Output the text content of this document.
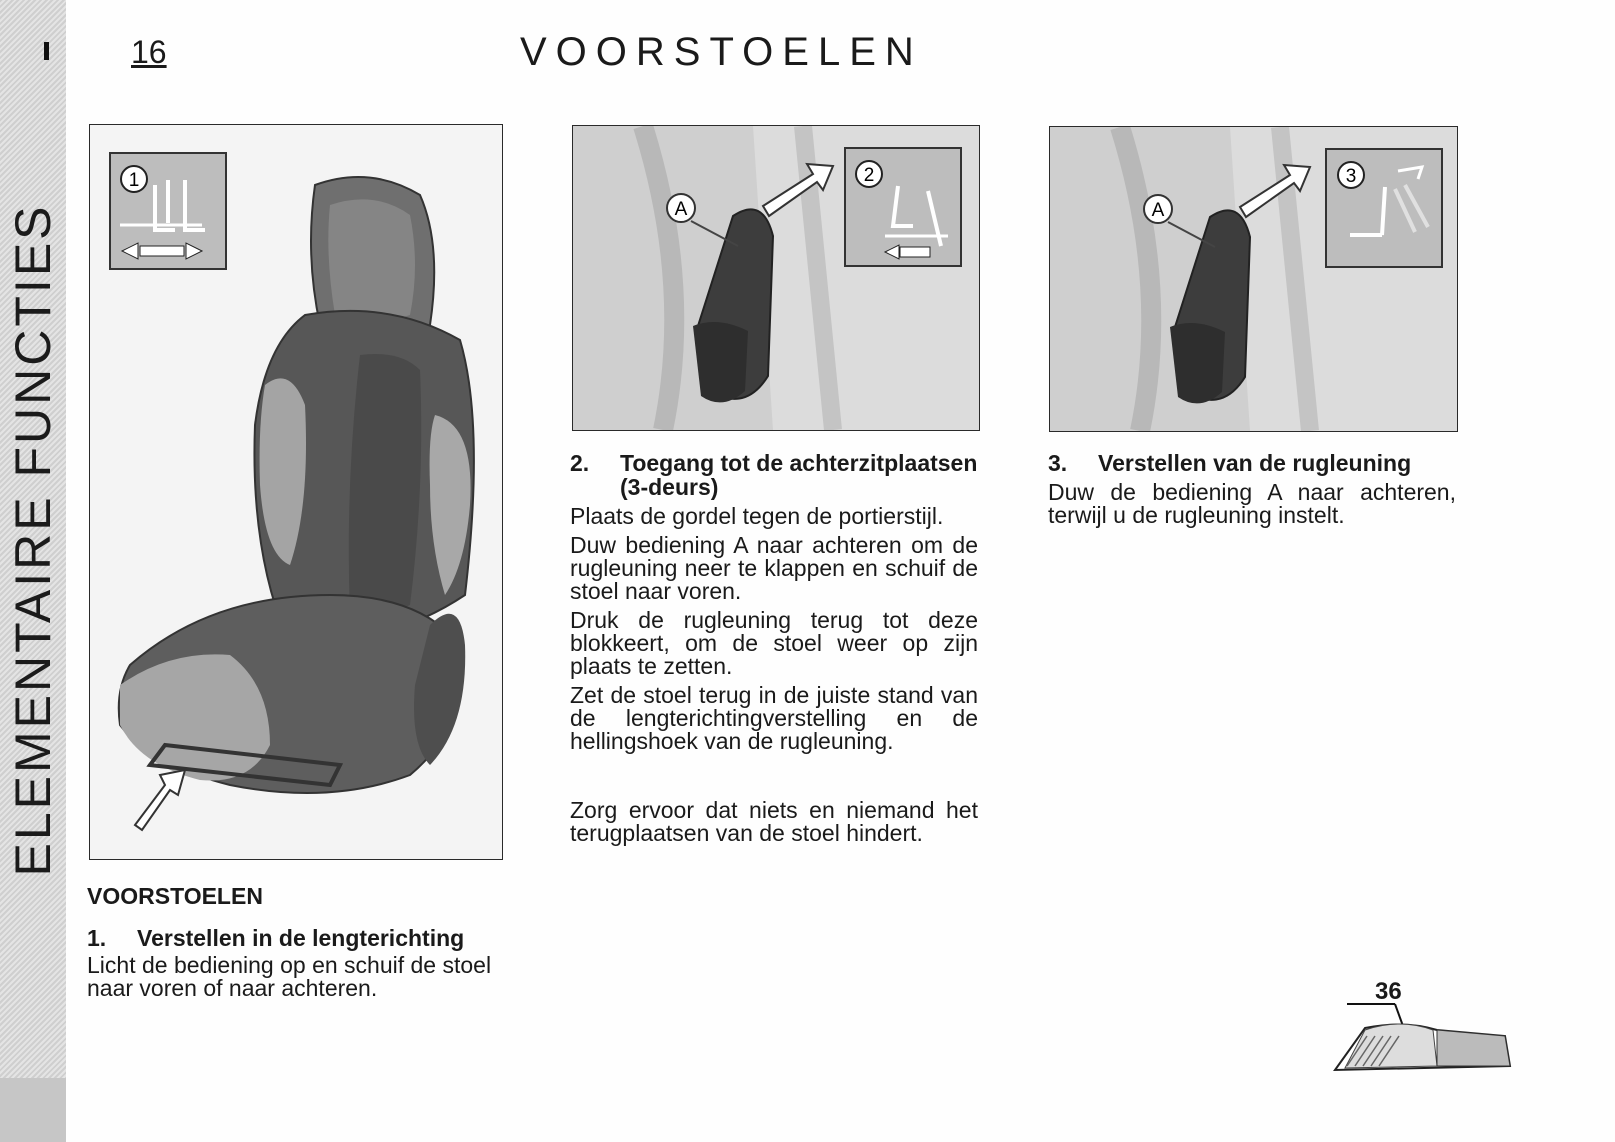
ELEMENTAIRE FUNCTIES
16	VOORSTOELEN
1
A
2
A
3
VOORSTOELEN
1.	Verstellen in de lengterichting
Licht de bediening op en schuif de stoel naar voren of naar achteren.
2.	Toegang tot de achterzitplaatsen (3-deurs)
Plaats de gordel tegen de portierstijl.
Duw bediening A naar achteren om de rugleuning neer te klappen en schuif de stoel naar voren.
Druk de rugleuning terug tot deze blokkeert, om de stoel weer op zijn plaats te zetten.
Zet de stoel terug in de juiste stand van de lengterichtingverstelling en de hellingshoek van de rugleuning.
Zorg ervoor dat niets en niemand het terugplaatsen van de stoel hindert.
3.	Verstellen van de rugleuning
Duw de bediening A naar achteren, terwijl u de rugleuning instelt.
36
